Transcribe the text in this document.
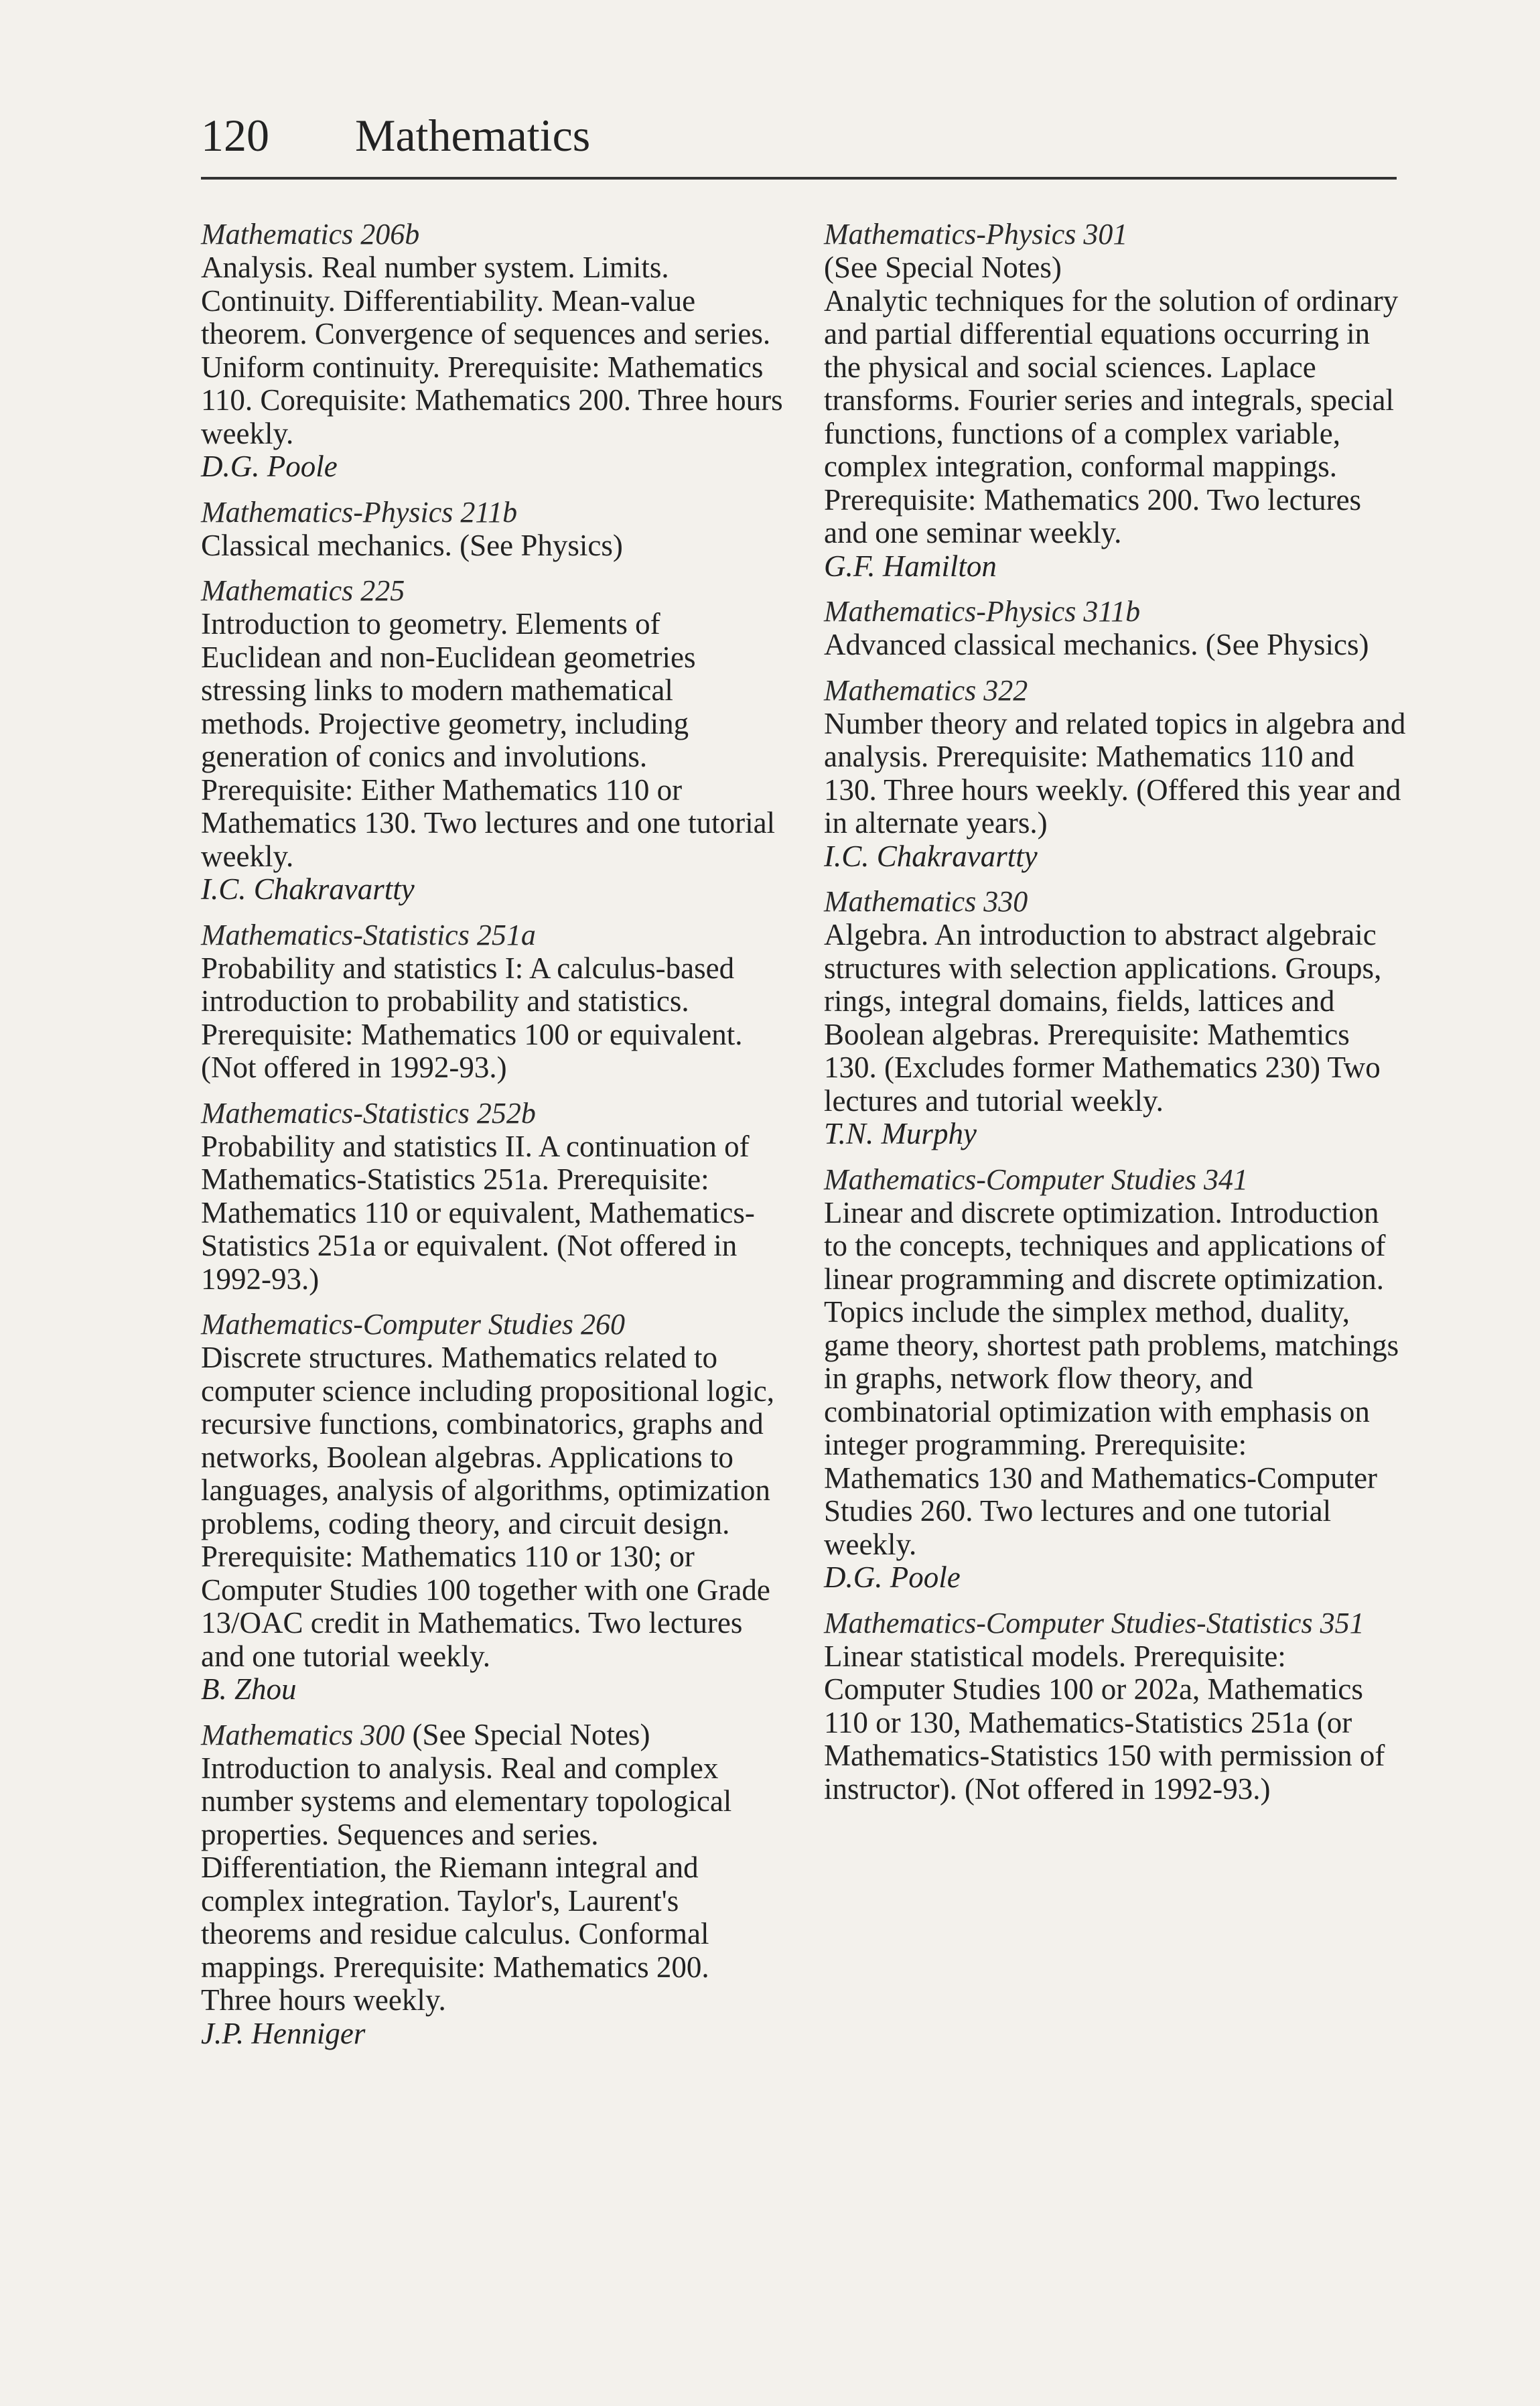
120 Mathematics
Mathematics 206b
Analysis. Real number system. Limits. Continuity. Differentiability. Mean-value theorem. Convergence of sequences and series. Uniform continuity. Prerequisite: Mathematics 110. Corequisite: Mathematics 200. Three hours weekly.
D.G. Poole
Mathematics-Physics 211b
Classical mechanics. (See Physics)
Mathematics 225
Introduction to geometry. Elements of Euclidean and non-Euclidean geometries stressing links to modern mathematical methods. Projective geometry, including generation of conics and involutions. Prerequisite: Either Mathematics 110 or Mathematics 130. Two lectures and one tutorial weekly.
I.C. Chakravartty
Mathematics-Statistics 251a
Probability and statistics I: A calculus-based introduction to probability and statistics. Prerequisite: Mathematics 100 or equivalent. (Not offered in 1992-93.)
Mathematics-Statistics 252b
Probability and statistics II. A continuation of Mathematics-Statistics 251a. Prerequisite: Mathematics 110 or equivalent, Mathematics-Statistics 251a or equivalent. (Not offered in 1992-93.)
Mathematics-Computer Studies 260
Discrete structures. Mathematics related to computer science including propositional logic, recursive functions, combinatorics, graphs and networks, Boolean algebras. Applications to languages, analysis of algorithms, optimization problems, coding theory, and circuit design. Prerequisite: Mathematics 110 or 130; or Computer Studies 100 together with one Grade 13/OAC credit in Mathematics. Two lectures and one tutorial weekly.
B. Zhou
Mathematics 300 (See Special Notes)
Introduction to analysis. Real and complex number systems and elementary topological properties. Sequences and series. Differentiation, the Riemann integral and complex integration. Taylor's, Laurent's theorems and residue calculus. Conformal mappings. Prerequisite: Mathematics 200. Three hours weekly.
J.P. Henniger
Mathematics-Physics 301
(See Special Notes)
Analytic techniques for the solution of ordinary and partial differential equations occurring in the physical and social sciences. Laplace transforms. Fourier series and integrals, special functions, functions of a complex variable, complex integration, conformal mappings. Prerequisite: Mathematics 200. Two lectures and one seminar weekly.
G.F. Hamilton
Mathematics-Physics 311b
Advanced classical mechanics. (See Physics)
Mathematics 322
Number theory and related topics in algebra and analysis. Prerequisite: Mathematics 110 and 130. Three hours weekly. (Offered this year and in alternate years.)
I.C. Chakravartty
Mathematics 330
Algebra. An introduction to abstract algebraic structures with selection applications. Groups, rings, integral domains, fields, lattices and Boolean algebras. Prerequisite: Mathemtics 130. (Excludes former Mathematics 230) Two lectures and tutorial weekly.
T.N. Murphy
Mathematics-Computer Studies 341
Linear and discrete optimization. Introduction to the concepts, techniques and applications of linear programming and discrete optimization. Topics include the simplex method, duality, game theory, shortest path problems, matchings in graphs, network flow theory, and combinatorial optimization with emphasis on integer programming. Prerequisite: Mathematics 130 and Mathematics-Computer Studies 260. Two lectures and one tutorial weekly.
D.G. Poole
Mathematics-Computer Studies-Statistics 351
Linear statistical models. Prerequisite: Computer Studies 100 or 202a, Mathematics 110 or 130, Mathematics-Statistics 251a (or Mathematics-Statistics 150 with permission of instructor). (Not offered in 1992-93.)
